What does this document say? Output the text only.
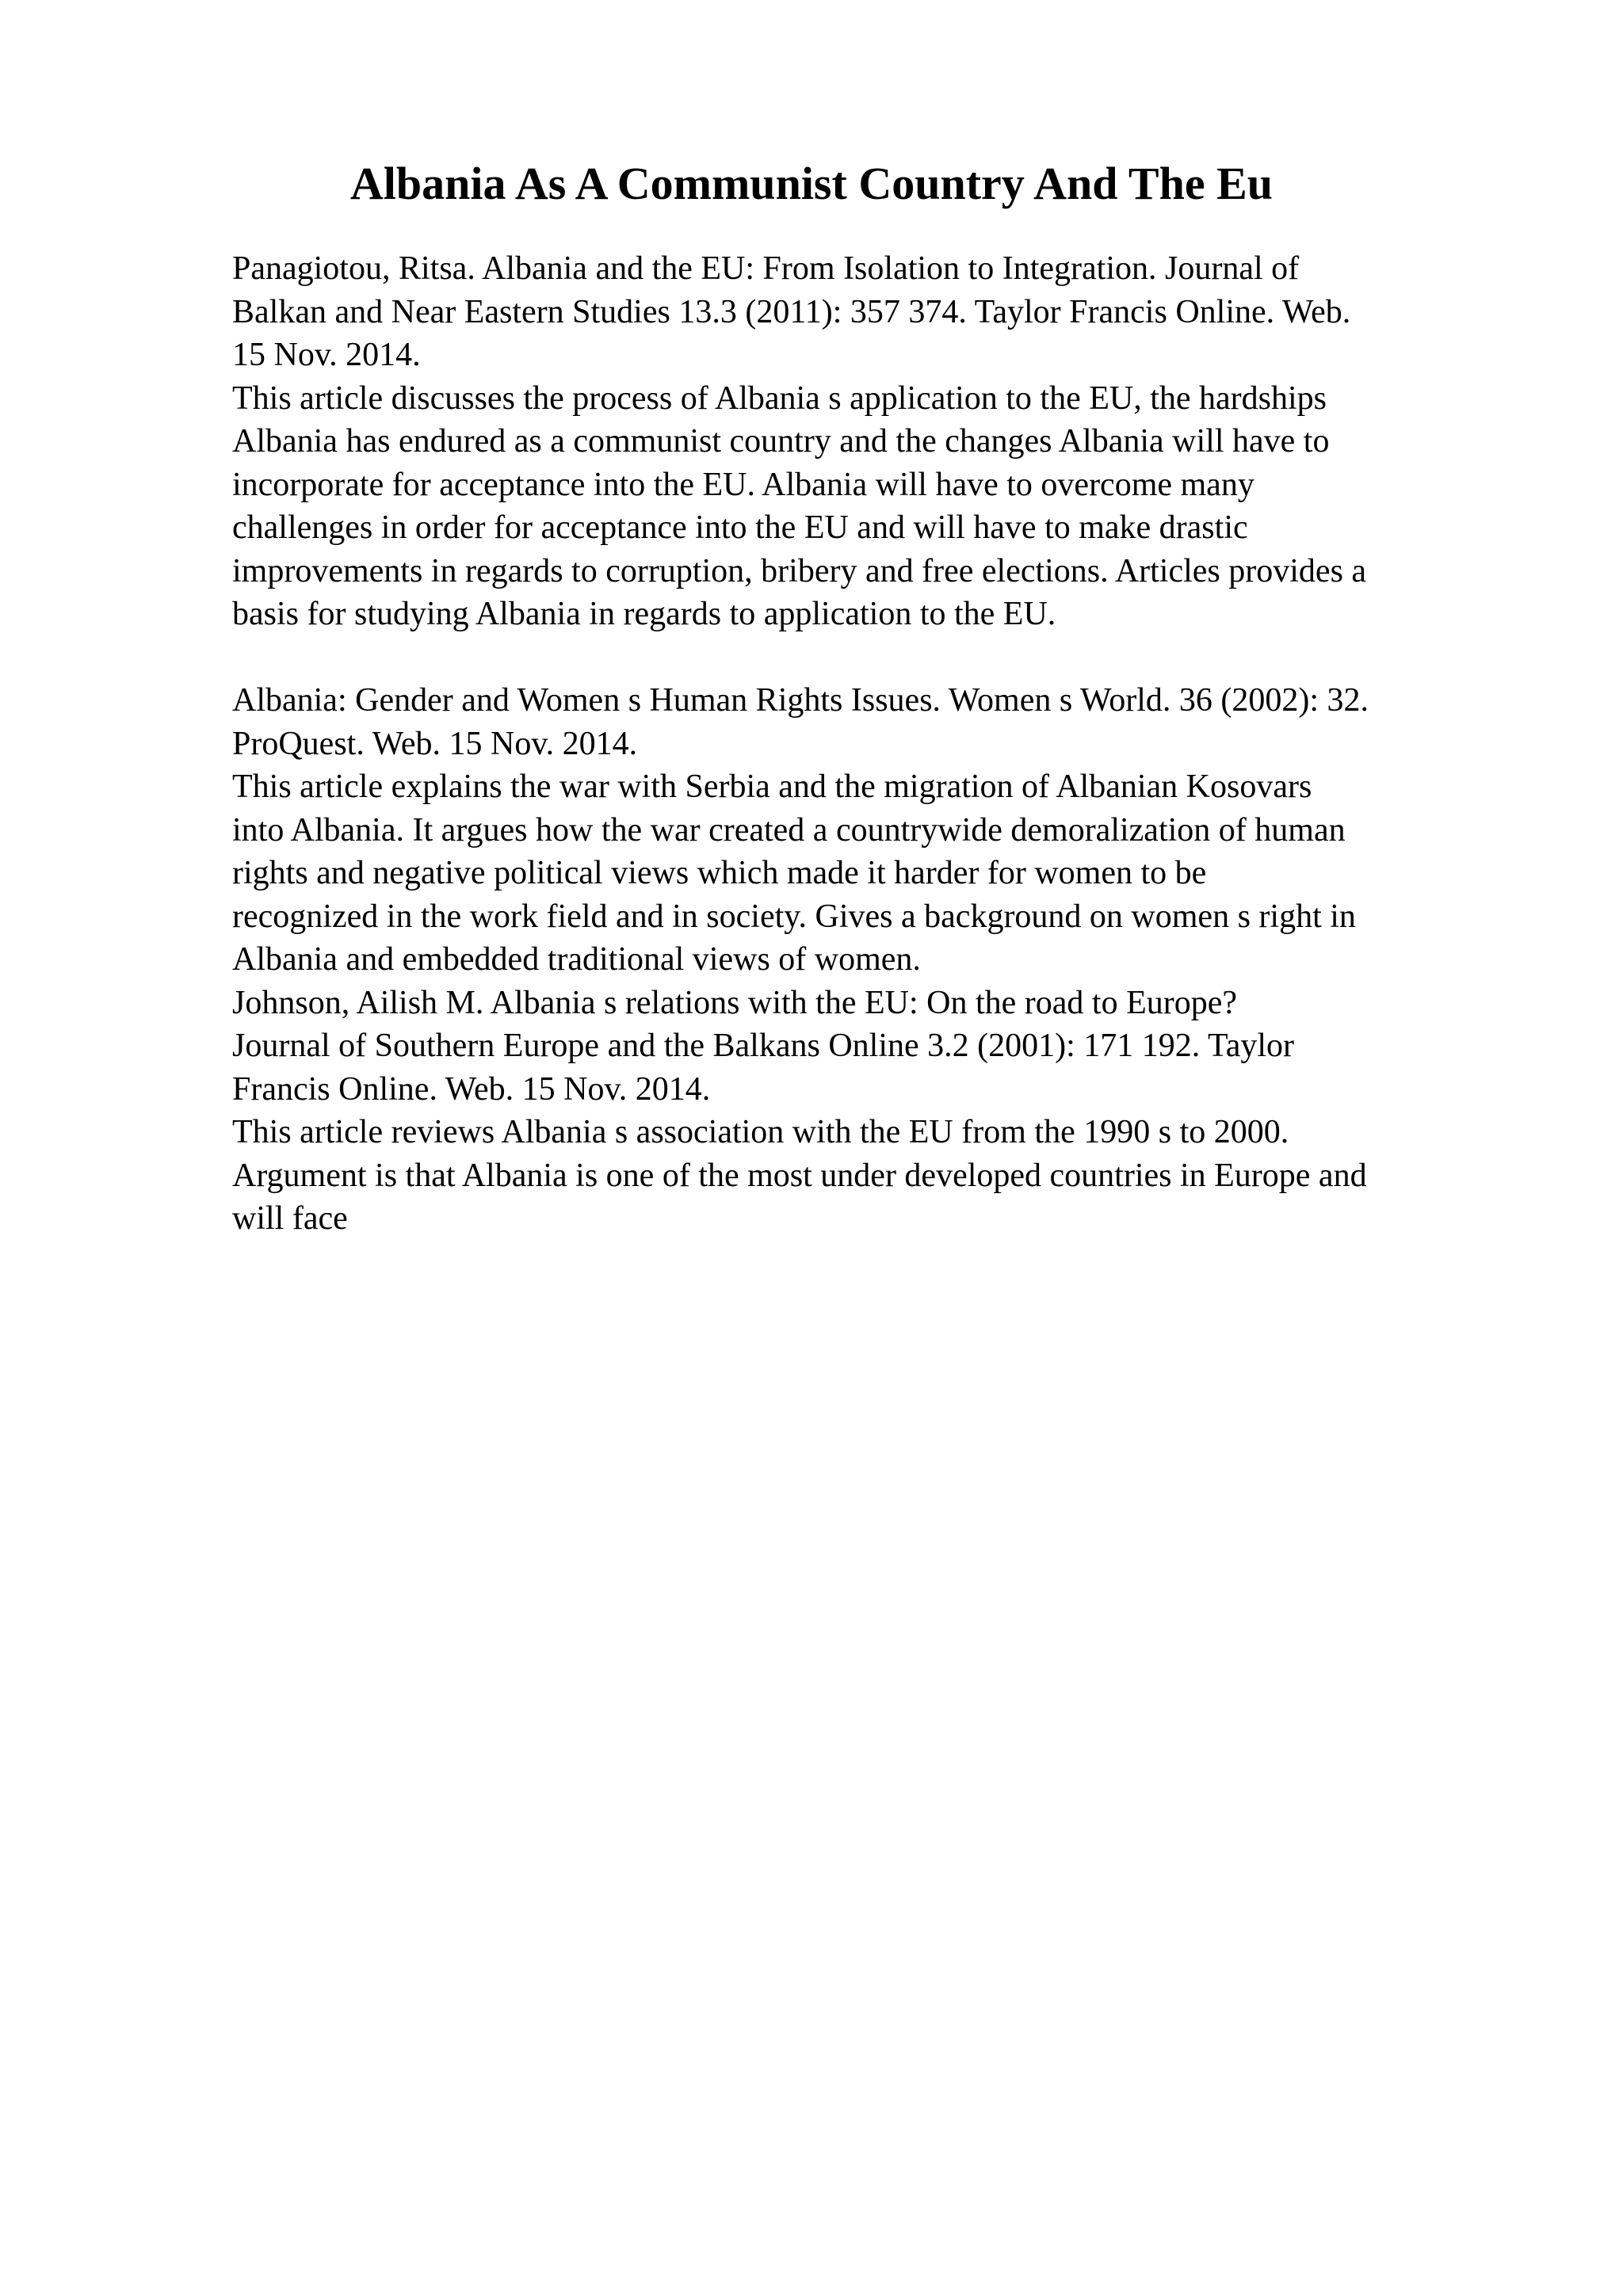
Albania As A Communist Country And The Eu
Panagiotou, Ritsa. Albania and the EU: From Isolation to Integration. Journal of
Balkan and Near Eastern Studies 13.3 (2011): 357 374. Taylor Francis Online. Web.
15 Nov. 2014.
This article discusses the process of Albania s application to the EU, the hardships
Albania has endured as a communist country and the changes Albania will have to
incorporate for acceptance into the EU. Albania will have to overcome many
challenges in order for acceptance into the EU and will have to make drastic
improvements in regards to corruption, bribery and free elections. Articles provides a
basis for studying Albania in regards to application to the EU.
Albania: Gender and Women s Human Rights Issues. Women s World. 36 (2002): 32.
ProQuest. Web. 15 Nov. 2014.
This article explains the war with Serbia and the migration of Albanian Kosovars
into Albania. It argues how the war created a countrywide demoralization of human
rights and negative political views which made it harder for women to be
recognized in the work field and in society. Gives a background on women s right in
Albania and embedded traditional views of women.
Johnson, Ailish M. Albania s relations with the EU: On the road to Europe?
Journal of Southern Europe and the Balkans Online 3.2 (2001): 171 192. Taylor
Francis Online. Web. 15 Nov. 2014.
This article reviews Albania s association with the EU from the 1990 s to 2000.
Argument is that Albania is one of the most under developed countries in Europe and
will face
